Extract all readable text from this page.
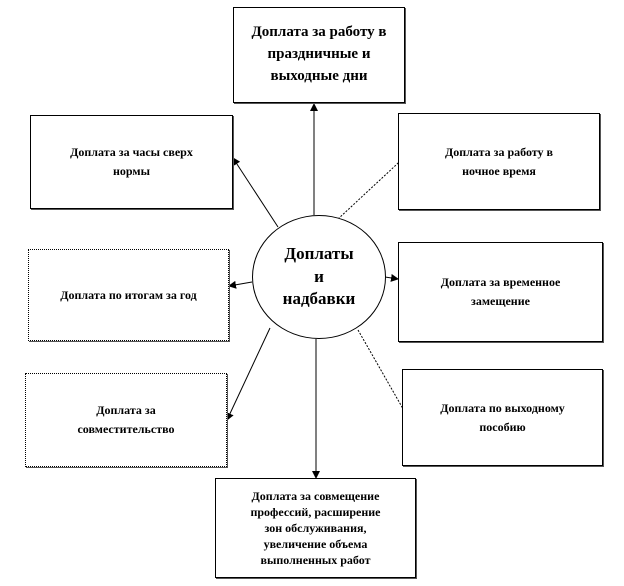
Доплата за работу в
праздничные и
выходные дни
Доплата за часы сверх
нормы
Доплата за работу в
ночное время
Доплата по итогам за год
Доплата за временное
замещение
Доплата за
совместительство
Доплата по выходному
пособию
Доплата за совмещение
профессий, расширение
зон обслуживания,
увеличение объема
выполненных работ
Доплаты
и
надбавки
